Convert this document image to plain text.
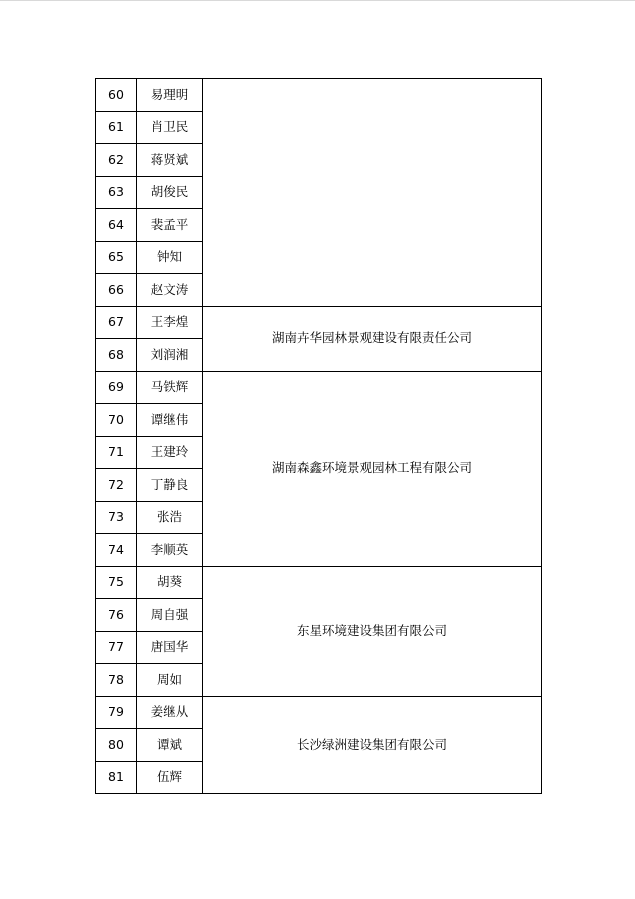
60	易理明	
61	肖卫民	
62	蒋贤斌	
63	胡俊民	
64	裴孟平	
65	钟知	
66	赵文涛	
67	王李煌	湖南卉华园林景观建设有限责任公司
68	刘润湘	
69	马铁辉	湖南森鑫环境景观园林工程有限公司
70	谭继伟	
71	王建玲	
72	丁静良	
73	张浩	
74	李顺英	
75	胡葵	东星环境建设集团有限公司
76	周自强	
77	唐国华	
78	周如	
79	姜继从	长沙绿洲建设集团有限公司
80	谭斌	
81	伍辉	
